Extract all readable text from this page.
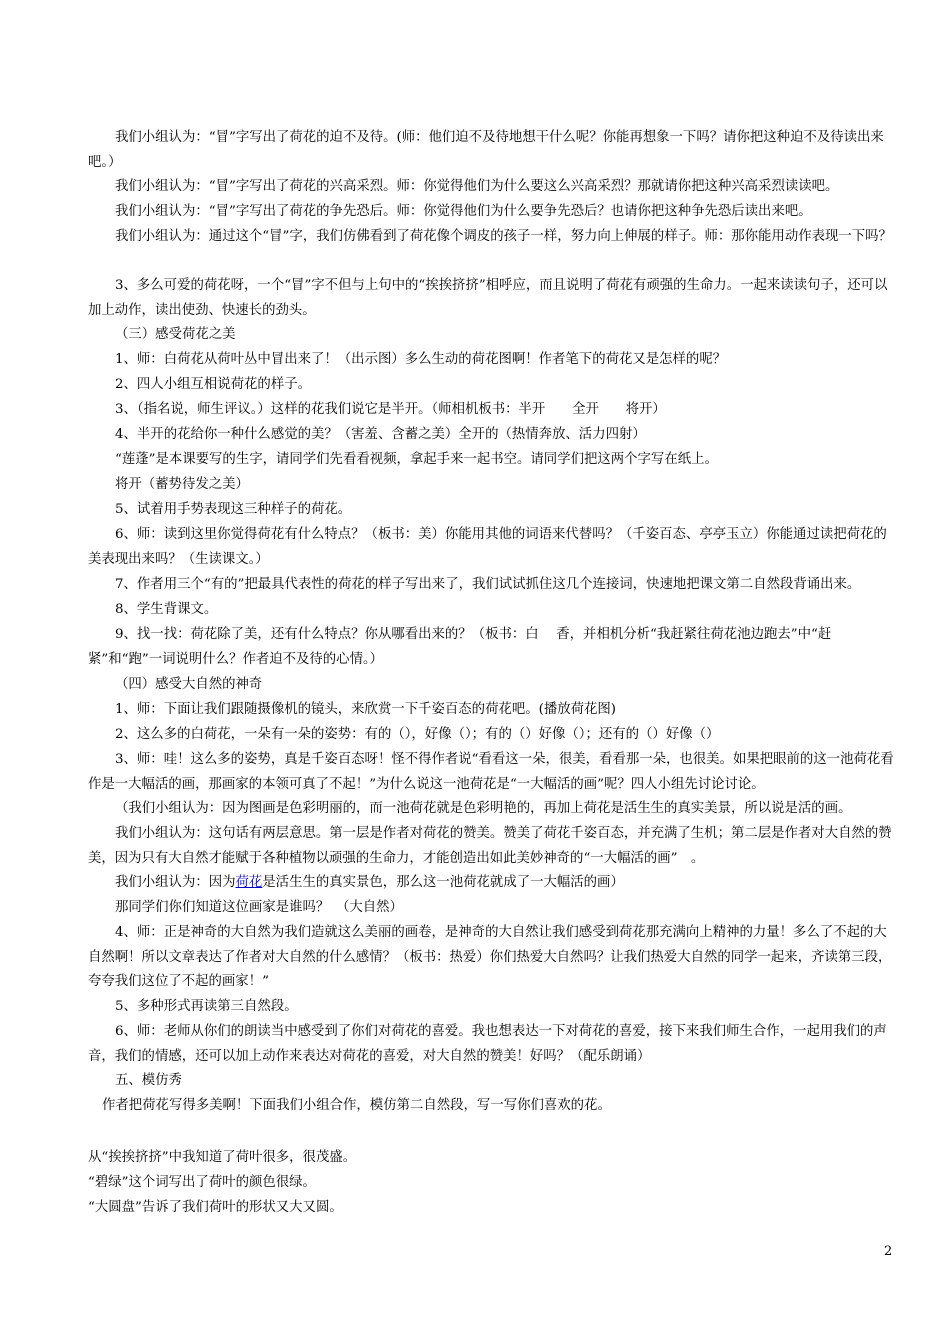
我们小组认为：“冒”字写出了荷花的迫不及待。(师：他们迫不及待地想干什么呢？你能再想象一下吗？请你把这种迫不及待读出来吧。）

我们小组认为：“冒”字写出了荷花的兴高采烈。师：你觉得他们为什么要这么兴高采烈？那就请你把这种兴高采烈读读吧。

我们小组认为：“冒”字写出了荷花的争先恐后。师：你觉得他们为什么要争先恐后？也请你把这种争先恐后读出来吧。

我们小组认为：通过这个“冒”字，我们仿佛看到了荷花像个调皮的孩子一样，努力向上伸展的样子。师：那你能用动作表现一下吗？

3、多么可爱的荷花呀，一个“冒”字不但与上句中的“挨挨挤挤”相呼应，而且说明了荷花有顽强的生命力。一起来读读句子，还可以加上动作，读出使劲、快速长的劲头。

（三）感受荷花之美

1、师：白荷花从荷叶丛中冒出来了！（出示图）多么生动的荷花图啊！作者笔下的荷花又是怎样的呢？

2、四人小组互相说荷花的样子。

3、（指名说，师生评议。）这样的花我们说它是半开。（师相机板书：半开　　全开　　将开）

4、半开的花给你一种什么感觉的美？（害羞、含蓄之美）全开的（热情奔放、活力四射）

“莲蓬”是本课要写的生字，请同学们先看看视频，拿起手来一起书空。请同学们把这两个字写在纸上。

将开（蓄势待发之美）

5、试着用手势表现这三种样子的荷花。

6、师：读到这里你觉得荷花有什么特点？（板书：美）你能用其他的词语来代替吗？（千姿百态、亭亭玉立）你能通过读把荷花的美表现出来吗？（生读课文。）

7、作者用三个“有的”把最具代表性的荷花的样子写出来了，我们试试抓住这几个连接词，快速地把课文第二自然段背诵出来。

8、学生背课文。

9、找一找：荷花除了美，还有什么特点？你从哪看出来的？（板书：白　 香，并相机分析“我赶紧往荷花池边跑去”中“赶紧”和“跑”一词说明什么？作者迫不及待的心情。）

（四）感受大自然的神奇

1、师：下面让我们跟随摄像机的镜头，来欣赏一下千姿百态的荷花吧。(播放荷花图)

2、这么多的白荷花，一朵有一朵的姿势：有的（），好像（）；有的（）好像（）；还有的（）好像（）

3、师：哇！这么多的姿势，真是千姿百态呀！怪不得作者说“看看这一朵，很美，看看那一朵，也很美。如果把眼前的这一池荷花看作是一大幅活的画，那画家的本领可真了不起！”为什么说这一池荷花是“一大幅活的画”呢？四人小组先讨论讨论。

（我们小组认为：因为图画是色彩明丽的，而一池荷花就是色彩明艳的，再加上荷花是活生生的真实美景，所以说是活的画。

我们小组认为：这句话有两层意思。第一层是作者对荷花的赞美。赞美了荷花千姿百态，并充满了生机；第二层是作者对大自然的赞美，因为只有大自然才能赋于各种植物以顽强的生命力，才能创造出如此美妙神奇的“一大幅活的画”　。

我们小组认为：因为荷花是活生生的真实景色，那么这一池荷花就成了一大幅活的画）

那同学们你们知道这位画家是谁吗？　（大自然）

4、师：正是神奇的大自然为我们造就这么美丽的画卷，是神奇的大自然让我们感受到荷花那充满向上精神的力量！多么了不起的大自然啊！所以文章表达了作者对大自然的什么感情？（板书：热爱）你们热爱大自然吗？让我们热爱大自然的同学一起来，齐读第三段，夸夸我们这位了不起的画家！”

5、多种形式再读第三自然段。

6、师：老师从你们的朗读当中感受到了你们对荷花的喜爱。我也想表达一下对荷花的喜爱，接下来我们师生合作，一起用我们的声音，我们的情感，还可以加上动作来表达对荷花的喜爱，对大自然的赞美！好吗？（配乐朗诵）

五、模仿秀

作者把荷花写得多美啊！下面我们小组合作，模仿第二自然段，写一写你们喜欢的花。

从“挨挨挤挤”中我知道了荷叶很多，很茂盛。

“碧绿”这个词写出了荷叶的颜色很绿。

“大圆盘”告诉了我们荷叶的形状又大又圆。

2
